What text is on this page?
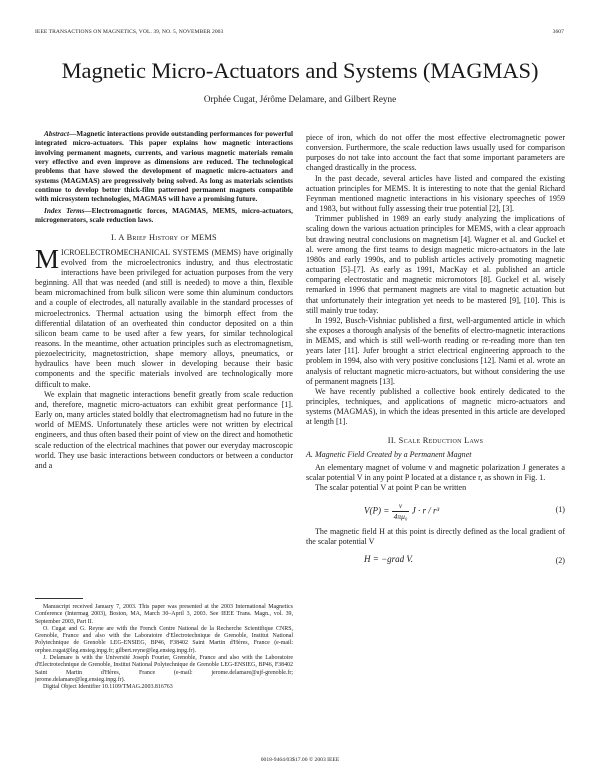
IEEE TRANSACTIONS ON MAGNETICS, VOL. 39, NO. 5, NOVEMBER 2003	3607
Magnetic Micro-Actuators and Systems (MAGMAS)
Orphée Cugat, Jérôme Delamare, and Gilbert Reyne

Abstract—Magnetic interactions provide outstanding performances for powerful integrated micro-actuators. This paper explains how magnetic interactions involving permanent magnets, currents, and various magnetic materials remain very effective and even improve as dimensions are reduced. The technological problems that have slowed the development of magnetic micro-actuators and systems (MAGMAS) are progressively being solved. As long as materials scientists continue to develop better thick-film patterned permanent magnets compatible with microsystem technologies, MAGMAS will have a promising future.

Index Terms—Electromagnetic forces, MAGMAS, MEMS, micro-actuators, microgenerators, scale reduction laws.

I. A Brief History of MEMS

MICROELECTROMECHANICAL SYSTEMS (MEMS) have originally evolved from the microelectronics industry, and thus electrostatic interactions have been privileged for actuation purposes from the very beginning. All that was needed (and still is needed) to move a thin, flexible beam micromachined from bulk silicon were some thin aluminum conductors and a couple of electrodes, all naturally available in the standard processes of microelectronics. Thermal actuation using the bimorph effect from the differential dilatation of an overheated thin conductor deposited on a thin silicon beam came to be used after a few years, for similar technological reasons. In the meantime, other actuation principles such as electromagnetism, piezoelectricity, magnetostriction, shape memory alloys, pneumatics, or hydraulics have been much slower in developing because their basic components and the specific materials involved are technologically more difficult to make.

We explain that magnetic interactions benefit greatly from scale reduction and, therefore, magnetic micro-actuators can exhibit great performance [1]. Early on, many articles stated boldly that electromagnetism had no future in the world of MEMS. Unfortunately these articles were not written by electrical engineers, and thus often based their point of view on the direct and homothetic scale reduction of the electrical machines that power our everyday macroscopic world. They use basic interactions between conductors or between a conductor and a

Manuscript received January 7, 2003. This paper was presented at the 2003 International Magnetics Conference (Intermag 2003), Boston, MA, March 30–April 3, 2003. See IEEE Trans. Magn., vol. 39, September 2003, Part II.

O. Cugat and G. Reyne are with the French Centre National de la Recherche Scientifique CNRS, Grenoble, France and also with the Laboratoire d'Electrotechnique de Grenoble, Institut National Polytechnique de Grenoble LEG-ENSIEG, BP46, F38402 Saint Martin d'Hères, France (e-mail: orphee.cugat@leg.ensieg.inpg.fr; gilbert.reyne@leg.ensieg.inpg.fr).

J. Delamare is with the Université Joseph Fourier, Grenoble, France and also with the Laboratoire d'Electrotechnique de Grenoble, Institut National Polytechnique de Grenoble LEG-ENSIEG, BP46, F38402 Saint Martin d'Hères, France (e-mail: jerome.delamare@ujf-grenoble.fr; jerome.delamare@leg.ensieg.inpg.fr).

Digital Object Identifier 10.1109/TMAG.2003.816763

piece of iron, which do not offer the most effective electromagnetic power conversion. Furthermore, the scale reduction laws usually used for comparison purposes do not take into account the fact that some important parameters are changed drastically in the process.

In the past decade, several articles have listed and compared the existing actuation principles for MEMS. It is interesting to note that the genial Richard Feynman mentioned magnetic interactions in his visionary speeches of 1959 and 1983, but without fully assessing their true potential [2], [3].

Trimmer published in 1989 an early study analyzing the implications of scaling down the various actuation principles for MEMS, with a clear approach but drawing neutral conclusions on magnetism [4]. Wagner et al. and Guckel et al. were among the first teams to design magnetic micro-actuators in the late 1980s and early 1990s, and to publish articles actively promoting magnetic actuation [5]–[7]. As early as 1991, MacKay et al. published an article comparing electrostatic and magnetic micromotors [8]. Guckel et al. wisely remarked in 1996 that permanent magnets are vital to magnetic actuation but that unfortunately their integration yet needs to be mastered [9], [10]. This is still mainly true today.

In 1992, Busch-Vishniac published a first, well-argumented article in which she exposes a thorough analysis of the benefits of electro-magnetic interactions in MEMS, and which is still well-worth reading or re-reading more than ten years later [11]. Jufer brought a strict electrical engineering approach to the problem in 1994, also with very positive conclusions [12]. Nami et al. wrote an analysis of reluctant magnetic micro-actuators, but without considering the use of permanent magnets [13].

We have recently published a collective book entirely dedicated to the principles, techniques, and applications of magnetic micro-actuators and systems (MAGMAS), in which the ideas presented in this article are developed at length [1].

II. Scale Reduction Laws
A. Magnetic Field Created by a Permanent Magnet

An elementary magnet of volume v and magnetic polarization J generates a scalar potential V in any point P located at a distance r, as shown in Fig. 1.

The scalar potential V at point P can be written

$V(P) = \frac{v}{\text{4πμ₀}}$ J · r / r³	(1)

The magnetic field H at this point is directly defined as the local gradient of the scalar potential V

H = −grad V.	(2)
0018-9464/03$17.00 © 2003 IEEE
